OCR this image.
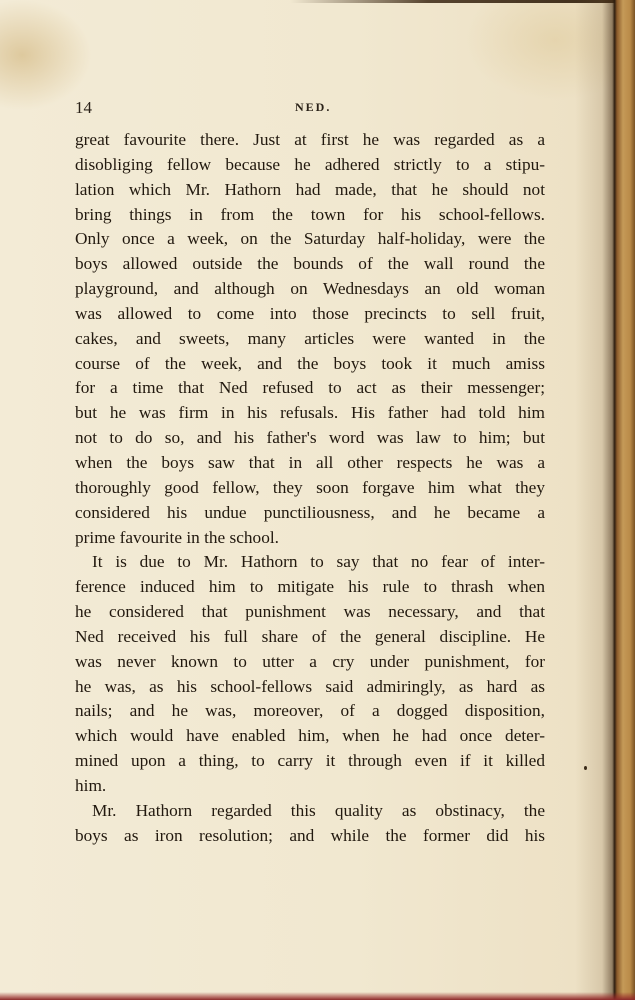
14	NED.
great favourite there. Just at first he was regarded as a
disobliging fellow because he adhered strictly to a stipu-
lation which Mr. Hathorn had made, that he should not
bring things in from the town for his school-fellows.
Only once a week, on the Saturday half-holiday, were the
boys allowed outside the bounds of the wall round the
playground, and although on Wednesdays an old woman
was allowed to come into those precincts to sell fruit,
cakes, and sweets, many articles were wanted in the
course of the week, and the boys took it much amiss
for a time that Ned refused to act as their messenger;
but he was firm in his refusals. His father had told him
not to do so, and his father's word was law to him; but
when the boys saw that in all other respects he was a
thoroughly good fellow, they soon forgave him what they
considered his undue punctiliousness, and he became a
prime favourite in the school.
It is due to Mr. Hathorn to say that no fear of inter-
ference induced him to mitigate his rule to thrash when
he considered that punishment was necessary, and that
Ned received his full share of the general discipline. He
was never known to utter a cry under punishment, for
he was, as his school-fellows said admiringly, as hard as
nails; and he was, moreover, of a dogged disposition,
which would have enabled him, when he had once deter-
mined upon a thing, to carry it through even if it killed
him.
Mr. Hathorn regarded this quality as obstinacy, the
boys as iron resolution; and while the former did his
